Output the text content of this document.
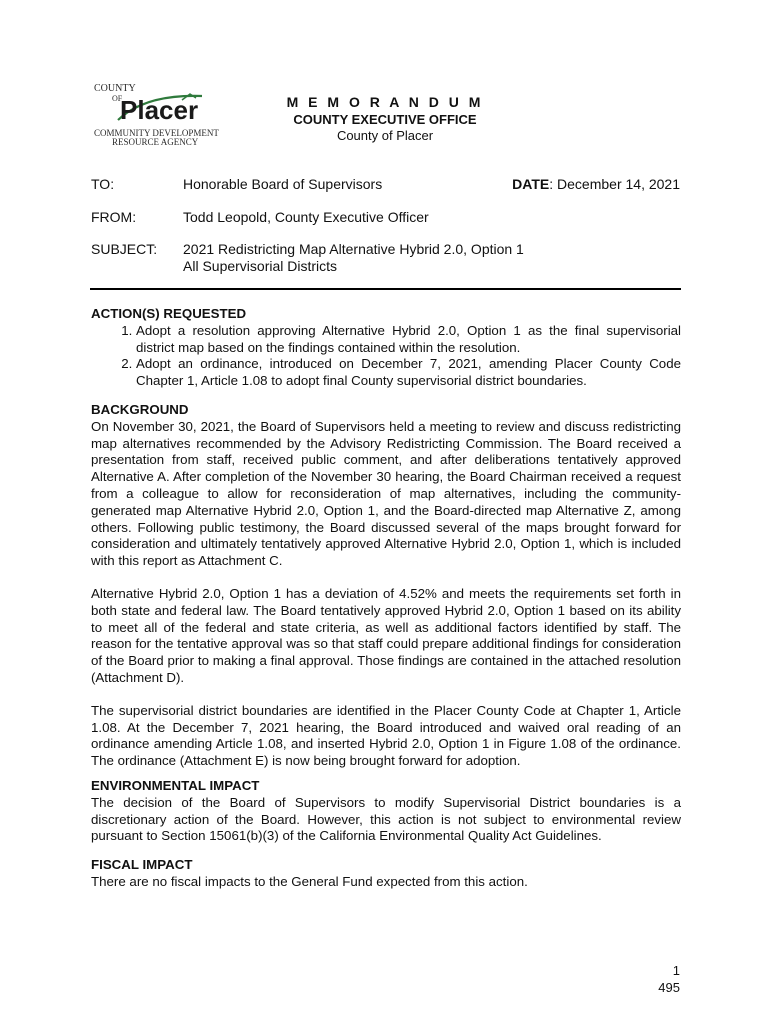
COUNTY
OF
Placer
COMMUNITY DEVELOPMENT
RESOURCE AGENCY
M E M O R A N D U M
COUNTY EXECUTIVE OFFICE
County of Placer
TO:	Honorable Board of Supervisors	DATE: December 14, 2021
FROM:	Todd Leopold, County Executive Officer
SUBJECT: 2021 Redistricting Map Alternative Hybrid 2.0, Option 1
All Supervisorial Districts
ACTION(S) REQUESTED
1. Adopt a resolution approving Alternative Hybrid 2.0, Option 1 as the final supervisorial district map based on the findings contained within the resolution.
2. Adopt an ordinance, introduced on December 7, 2021, amending Placer County Code Chapter 1, Article 1.08 to adopt final County supervisorial district boundaries.
BACKGROUND

On November 30, 2021, the Board of Supervisors held a meeting to review and discuss redistricting map alternatives recommended by the Advisory Redistricting Commission. The Board received a presentation from staff, received public comment, and after deliberations tentatively approved Alternative A. After completion of the November 30 hearing, the Board Chairman received a request from a colleague to allow for reconsideration of map alternatives, including the community-generated map Alternative Hybrid 2.0, Option 1, and the Board-directed map Alternative Z, among others. Following public testimony, the Board discussed several of the maps brought forward for consideration and ultimately tentatively approved Alternative Hybrid 2.0, Option 1, which is included with this report as Attachment C.

Alternative Hybrid 2.0, Option 1 has a deviation of 4.52% and meets the requirements set forth in both state and federal law. The Board tentatively approved Hybrid 2.0, Option 1 based on its ability to meet all of the federal and state criteria, as well as additional factors identified by staff. The reason for the tentative approval was so that staff could prepare additional findings for consideration of the Board prior to making a final approval. Those findings are contained in the attached resolution (Attachment D).

The supervisorial district boundaries are identified in the Placer County Code at Chapter 1, Article 1.08. At the December 7, 2021 hearing, the Board introduced and waived oral reading of an ordinance amending Article 1.08, and inserted Hybrid 2.0, Option 1 in Figure 1.08 of the ordinance. The ordinance (Attachment E) is now being brought forward for adoption.

ENVIRONMENTAL IMPACT

The decision of the Board of Supervisors to modify Supervisorial District boundaries is a discretionary action of the Board. However, this action is not subject to environmental review pursuant to Section 15061(b)(3) of the California Environmental Quality Act Guidelines.

FISCAL IMPACT

There are no fiscal impacts to the General Fund expected from this action.

1
495
